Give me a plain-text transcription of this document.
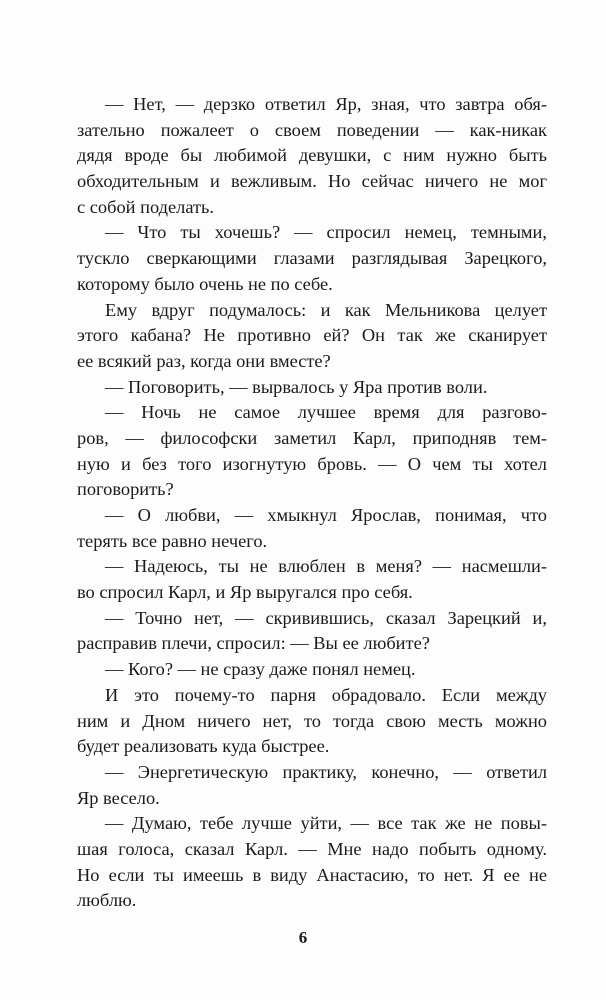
— Нет, — дерзко ответил Яр, зная, что завтра обя-
зательно пожалеет о своем поведении — как-никак
дядя вроде бы любимой девушки, с ним нужно быть
обходительным и вежливым. Но сейчас ничего не мог
с собой поделать.
— Что ты хочешь? — спросил немец, темными,
тускло сверкающими глазами разглядывая Зарецкого,
которому было очень не по себе.
Ему вдруг подумалось: и как Мельникова целует
этого кабана? Не противно ей? Он так же сканирует
ее всякий раз, когда они вместе?
— Поговорить, — вырвалось у Яра против воли.
— Ночь не самое лучшее время для разгово-
ров, — философски заметил Карл, приподняв тем-
ную и без того изогнутую бровь. — О чем ты хотел
поговорить?
— О любви, — хмыкнул Ярослав, понимая, что
терять все равно нечего.
— Надеюсь, ты не влюблен в меня? — насмешли-
во спросил Карл, и Яр выругался про себя.
— Точно нет, — скривившись, сказал Зарецкий и,
расправив плечи, спросил: — Вы ее любите?
— Кого? — не сразу даже понял немец.
И это почему-то парня обрадовало. Если между
ним и Дном ничего нет, то тогда свою месть можно
будет реализовать куда быстрее.
— Энергетическую практику, конечно, — ответил
Яр весело.
— Думаю, тебе лучше уйти, — все так же не повы-
шая голоса, сказал Карл. — Мне надо побыть одному.
Но если ты имеешь в виду Анастасию, то нет. Я ее не
люблю.
6
